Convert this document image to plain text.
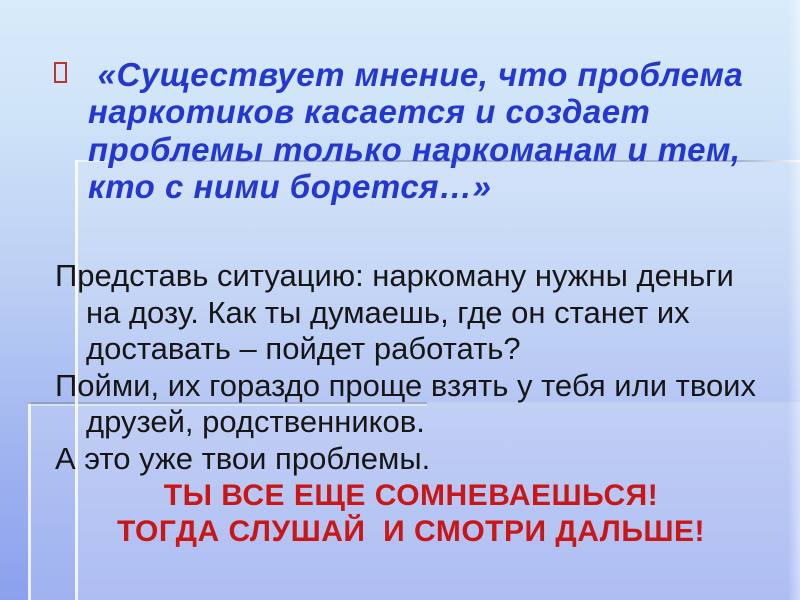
«Существует мнение, что проблема
наркотиков касается и создает
проблемы только наркоманам и тем,
кто с ними борется…»
Представь ситуацию: наркоману нужны деньги
на дозу. Как ты думаешь, где он станет их
доставать – пойдет работать?
Пойми, их гораздо проще взять у тебя или твоих
друзей, родственников.
А это уже твои проблемы.
ТЫ ВСЕ ЕЩЕ СОМНЕВАЕШЬСЯ!
ТОГДА СЛУШАЙ  И СМОТРИ ДАЛЬШЕ!
